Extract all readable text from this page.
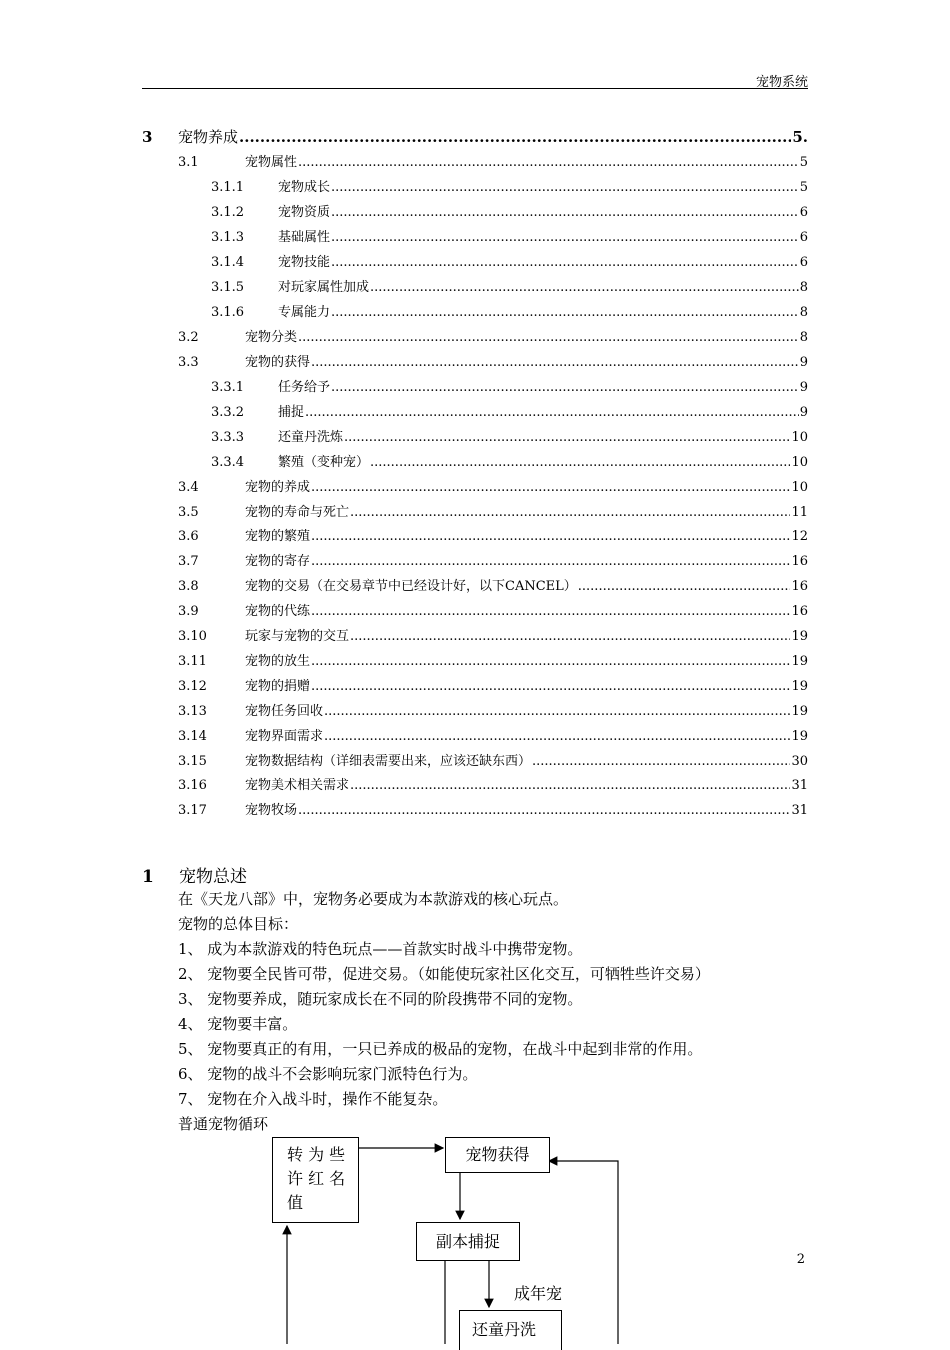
宠物系统
3	宠物养成 .....	5.
3.1	宠物属性 .....	5
3.1.1	宠物成长 .....	5
3.1.2	宠物资质 .....	6
3.1.3	基础属性 .....	6
3.1.4	宠物技能 .....	6
3.1.5	对玩家属性加成 .....	8
3.1.6	专属能力 .....	8
3.2	宠物分类 .....	8
3.3	宠物的获得 .....	9
3.3.1	任务给予 .....	9
3.3.2	捕捉 .....	9
3.3.3	还童丹洗炼 .....	10
3.3.4	繁殖（变种宠） .....	10
3.4	宠物的养成 .....	10
3.5	宠物的寿命与死亡 .....	11
3.6	宠物的繁殖 .....	12
3.7	宠物的寄存 .....	16
3.8	宠物的交易（在交易章节中已经设计好，以下CANCEL） .....	16
3.9	宠物的代练 .....	16
3.10	玩家与宠物的交互 .....	19
3.11	宠物的放生 .....	19
3.12	宠物的捐赠 .....	19
3.13	宠物任务回收 .....	19
3.14	宠物界面需求 .....	19
3.15	宠物数据结构（详细表需要出来，应该还缺东西） .....	30
3.16	宠物美术相关需求 .....	31
3.17	宠物牧场 .....	31
1	宠物总述
在《天龙八部》中，宠物务必要成为本款游戏的核心玩点。
宠物的总体目标：
1、 成为本款游戏的特色玩点——首款实时战斗中携带宠物。
2、 宠物要全民皆可带，促进交易。（如能使玩家社区化交互，可牺牲些许交易）
3、 宠物要养成，随玩家成长在不同的阶段携带不同的宠物。
4、 宠物要丰富。
5、 宠物要真正的有用，一只已养成的极品的宠物，在战斗中起到非常的作用。
6、 宠物的战斗不会影响玩家门派特色行为。
7、 宠物在介入战斗时，操作不能复杂。
普通宠物循环
转 为 些
许 红 名
值
宠物获得
副本捕捉
成年宠
还童丹洗
2
